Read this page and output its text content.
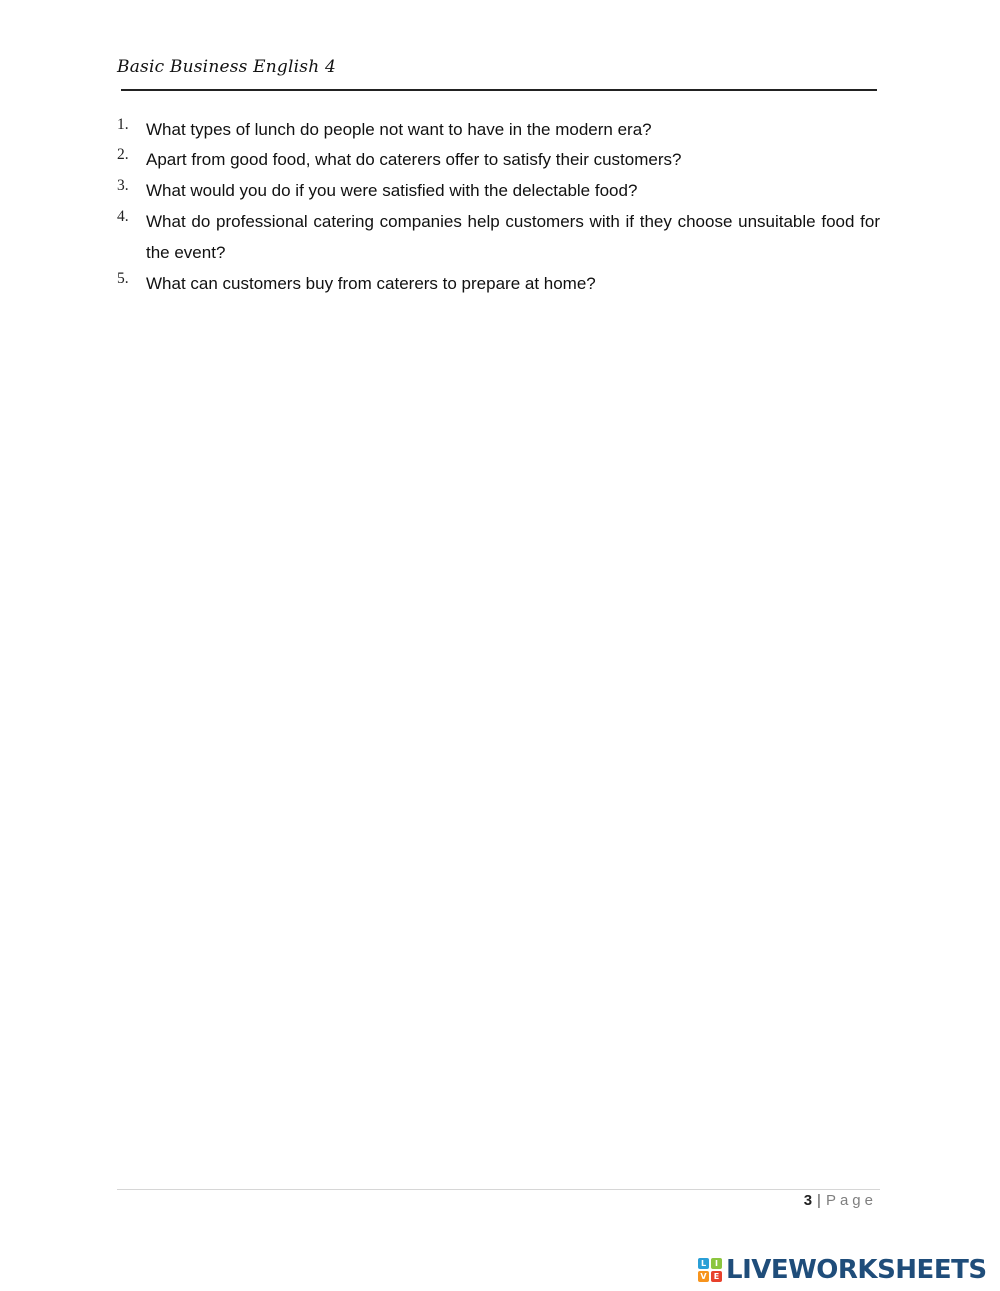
Basic Business English 4
1. What types of lunch do people not want to have in the modern era?
2. Apart from good food, what do caterers offer to satisfy their customers?
3. What would you do if you were satisfied with the delectable food?
4. What do professional catering companies help customers with if they choose unsuitable food for the event?
5. What can customers buy from caterers to prepare at home?
3 | Page
L	I
V E LIVEWORKSHEETS
